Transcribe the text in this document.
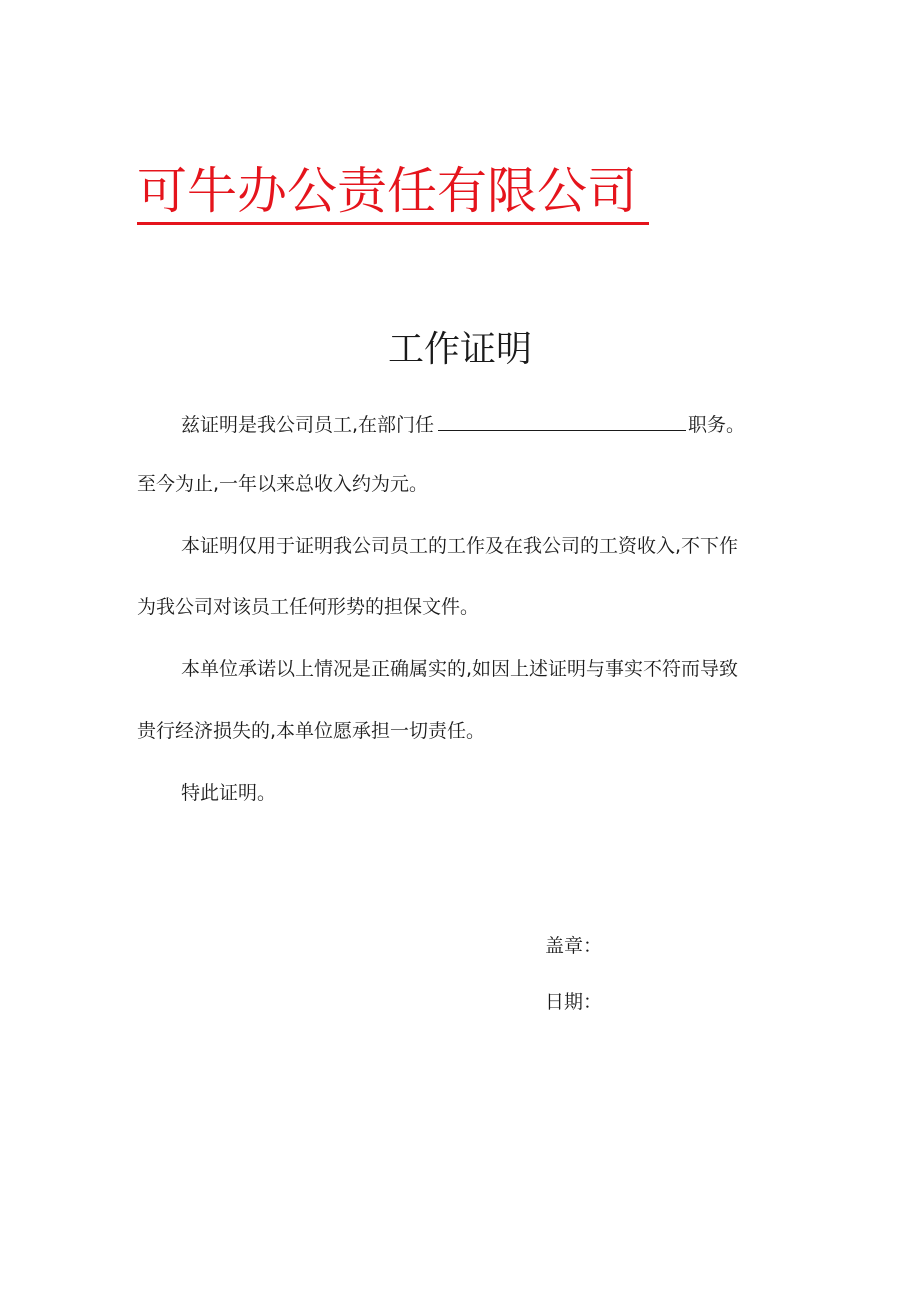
可牛办公责任有限公司
工作证明
兹证明是我公司员工,在部门任	职务。
至今为止,一年以来总收入约为元。
本证明仅用于证明我公司员工的工作及在我公司的工资收入,不下作
为我公司对该员工任何形势的担保文件。
本单位承诺以上情况是正确属实的,如因上述证明与事实不符而导致
贵行经济损失的,本单位愿承担一切责任。
特此证明。
盖章：
日期：
